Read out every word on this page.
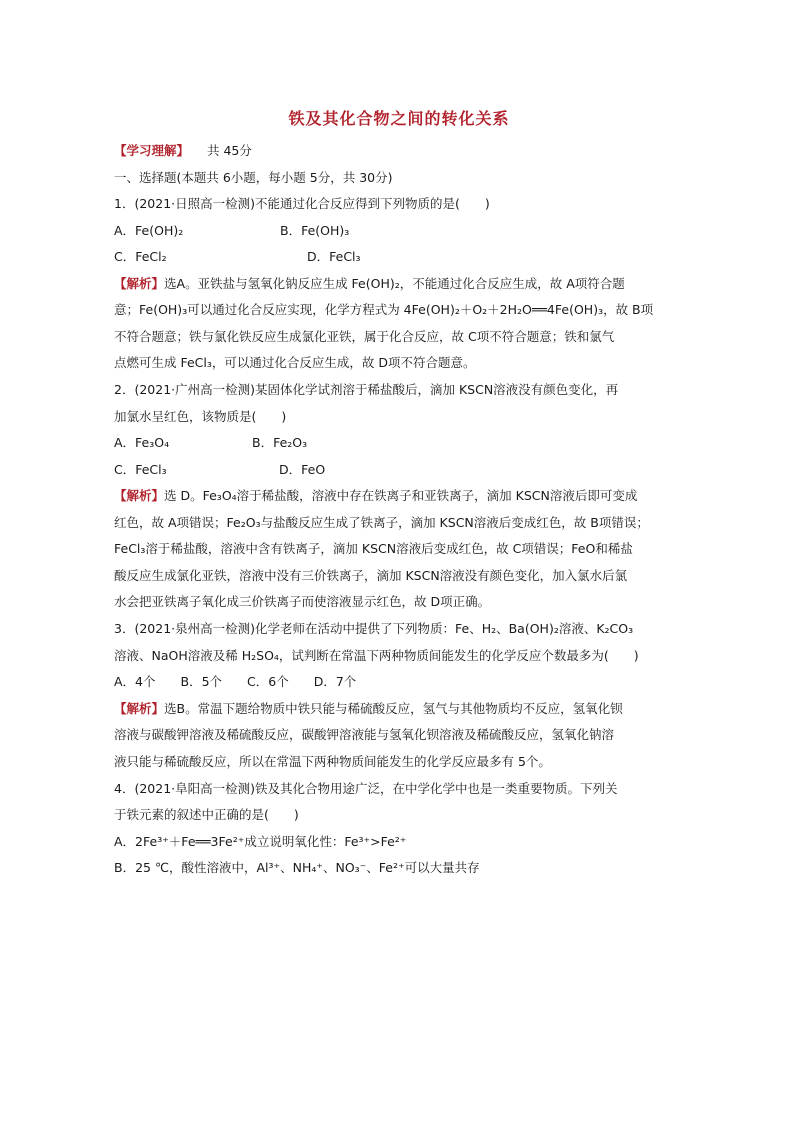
铁及其化合物之间的转化关系
【学习理解】 共 45分
一、选择题(本题共 6小题，每小题 5分，共 30分)
1．(2021·日照高一检测)不能通过化合反应得到下列物质的是(　　)
A．Fe(OH)₂	B．Fe(OH)₃
C．FeCl₂	D．FeCl₃
【解析】选A。亚铁盐与氢氧化钠反应生成 Fe(OH)₂，不能通过化合反应生成，故 A项符合题
意；Fe(OH)₃可以通过化合反应实现，化学方程式为 4Fe(OH)₂＋O₂＋2H₂O══4Fe(OH)₃，故 B项
不符合题意；铁与氯化铁反应生成氯化亚铁，属于化合反应，故 C项不符合题意；铁和氯气
点燃可生成 FeCl₃，可以通过化合反应生成，故 D项不符合题意。
2．(2021·广州高一检测)某固体化学试剂溶于稀盐酸后，滴加 KSCN溶液没有颜色变化，再
加氯水呈红色，该物质是(　　)
A．Fe₃O₄	B．Fe₂O₃
C．FeCl₃	D．FeO
【解析】选 D。Fe₃O₄溶于稀盐酸，溶液中存在铁离子和亚铁离子，滴加 KSCN溶液后即可变成
红色，故 A项错误；Fe₂O₃与盐酸反应生成了铁离子，滴加 KSCN溶液后变成红色，故 B项错误；
FeCl₃溶于稀盐酸，溶液中含有铁离子，滴加 KSCN溶液后变成红色，故 C项错误；FeO和稀盐
酸反应生成氯化亚铁，溶液中没有三价铁离子，滴加 KSCN溶液没有颜色变化，加入氯水后氯
水会把亚铁离子氧化成三价铁离子而使溶液显示红色，故 D项正确。
3．(2021·泉州高一检测)化学老师在活动中提供了下列物质：Fe、H₂、Ba(OH)₂溶液、K₂CO₃
溶液、NaOH溶液及稀 H₂SO₄，试判断在常温下两种物质间能发生的化学反应个数最多为(　　)
A．4个　　B．5个　　C．6个　　D．7个
【解析】选B。常温下题给物质中铁只能与稀硫酸反应，氢气与其他物质均不反应，氢氧化钡
溶液与碳酸钾溶液及稀硫酸反应，碳酸钾溶液能与氢氧化钡溶液及稀硫酸反应，氢氧化钠溶
液只能与稀硫酸反应，所以在常温下两种物质间能发生的化学反应最多有 5个。
4．(2021·阜阳高一检测)铁及其化合物用途广泛，在中学化学中也是一类重要物质。下列关
于铁元素的叙述中正确的是(　　)
A．2Fe³⁺＋Fe══3Fe²⁺成立说明氧化性：Fe³⁺>Fe²⁺
B．25 ℃，酸性溶液中，Al³⁺、NH₄⁺、NO₃⁻、Fe²⁺可以大量共存
